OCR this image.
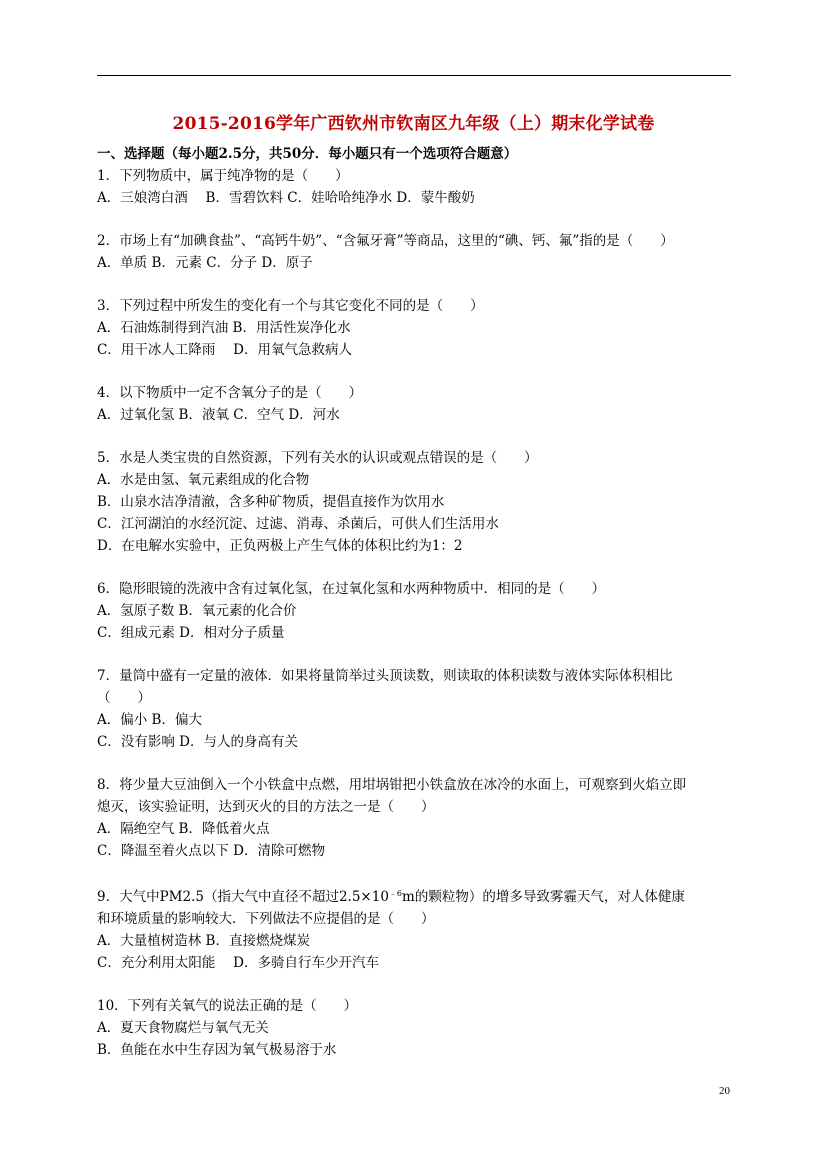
2015-2016学年广西钦州市钦南区九年级（上）期末化学试卷
一、选择题（每小题2.5分，共50分．每小题只有一个选项符合题意）
1．下列物质中，属于纯净物的是（　　）
A．三娘湾白酒　 B．雪碧饮料 C．娃哈哈纯净水 D．蒙牛酸奶
2．市场上有“加碘食盐”、“高钙牛奶”、“含氟牙膏”等商品，这里的“碘、钙、氟”指的是（　　）
A．单质 B．元素 C．分子 D．原子
3．下列过程中所发生的变化有一个与其它变化不同的是（　　）
A．石油炼制得到汽油 B．用活性炭净化水
C．用干冰人工降雨　 D．用氧气急救病人
4．以下物质中一定不含氧分子的是（　　）
A．过氧化氢 B．液氧 C．空气 D．河水
5．水是人类宝贵的自然资源，下列有关水的认识或观点错误的是（　　）
A．水是由氢、氧元素组成的化合物
B．山泉水洁净清澈，含多种矿物质，提倡直接作为饮用水
C．江河湖泊的水经沉淀、过滤、消毒、杀菌后，可供人们生活用水
D．在电解水实验中，正负两极上产生气体的体积比约为1：2
6．隐形眼镜的洗液中含有过氧化氢，在过氧化氢和水两种物质中．相同的是（　　）
A．氢原子数 B．氧元素的化合价
C．组成元素 D．相对分子质量
7．量筒中盛有一定量的液体．如果将量筒举过头顶读数，则读取的体积读数与液体实际体积相比
（　　）
A．偏小 B．偏大
C．没有影响 D．与人的身高有关
8．将少量大豆油倒入一个小铁盒中点燃，用坩埚钳把小铁盒放在冰冷的水面上，可观察到火焰立即
熄灭，该实验证明，达到灭火的目的方法之一是（　　）
A．隔绝空气 B．降低着火点
C．降温至着火点以下 D．清除可燃物
9．大气中PM2.5（指大气中直径不超过$2.5\times 10^{﹣6}m$的颗粒物）的增多导致雾霾天气，对人体健康
和环境质量的影响较大．下列做法不应提倡的是（　　）
A．大量植树造林 B．直接燃烧煤炭
C．充分利用太阳能　 D．多骑自行车少开汽车
10．下列有关氧气的说法正确的是（　　）
A．夏天食物腐烂与氧气无关
B．鱼能在水中生存因为氧气极易溶于水
20
